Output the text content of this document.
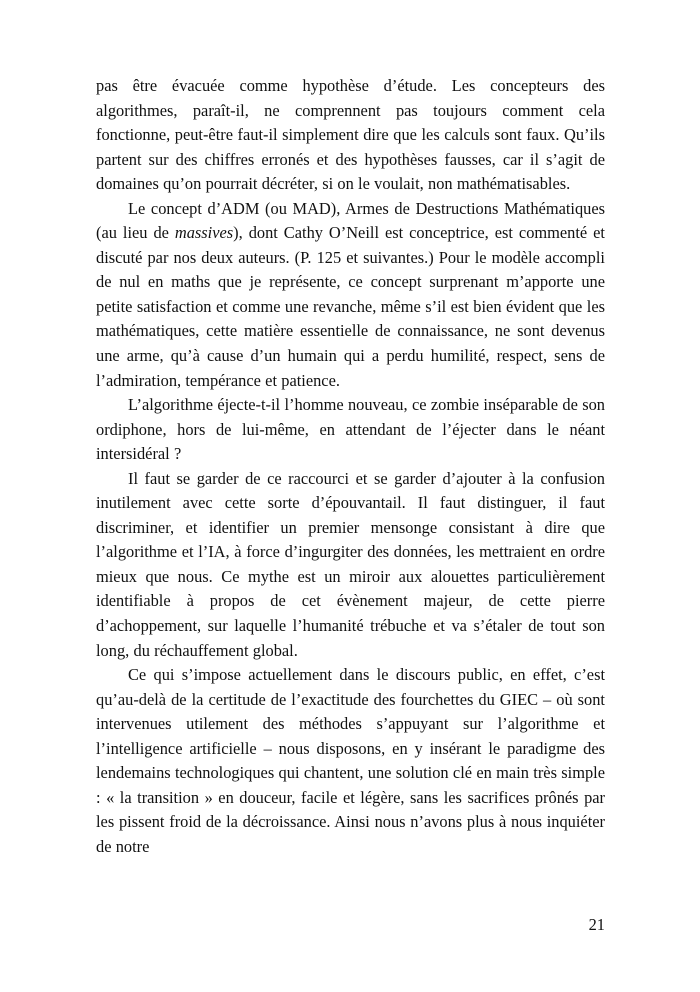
pas être évacuée comme hypothèse d’étude. Les concepteurs des algorithmes, paraît-il, ne comprennent pas toujours comment cela fonctionne, peut-être faut-il simplement dire que les calculs sont faux. Qu’ils partent sur des chiffres erronés et des hypothèses fausses, car il s’agit de domaines qu’on pourrait décréter, si on le voulait, non mathématisables.

Le concept d’ADM (ou MAD), Armes de Destructions Mathématiques (au lieu de massives), dont Cathy O’Neill est conceptrice, est commenté et discuté par nos deux auteurs. (P. 125 et suivantes.) Pour le modèle accompli de nul en maths que je représente, ce concept surprenant m’apporte une petite satisfaction et comme une revanche, même s’il est bien évident que les mathématiques, cette matière essentielle de connaissance, ne sont devenus une arme, qu’à cause d’un humain qui a perdu humilité, respect, sens de l’admiration, tempérance et patience.

L’algorithme éjecte-t-il l’homme nouveau, ce zombie inséparable de son ordiphone, hors de lui-même, en attendant de l’éjecter dans le néant intersidéral ?

Il faut se garder de ce raccourci et se garder d’ajouter à la confusion inutilement avec cette sorte d’épouvantail. Il faut distinguer, il faut discriminer, et identifier un premier mensonge consistant à dire que l’algorithme et l’IA, à force d’ingurgiter des données, les mettraient en ordre mieux que nous. Ce mythe est un miroir aux alouettes particulièrement identifiable à propos de cet évènement majeur, de cette pierre d’achoppement, sur laquelle l’humanité trébuche et va s’étaler de tout son long, du réchauffement global.

Ce qui s’impose actuellement dans le discours public, en effet, c’est qu’au-delà de la certitude de l’exactitude des fourchettes du GIEC – où sont intervenues utilement des méthodes s’appuyant sur l’algorithme et l’intelligence artificielle – nous disposons, en y insérant le paradigme des lendemains technologiques qui chantent, une solution clé en main très simple : « la transition » en douceur, facile et légère, sans les sacrifices prônés par les pissent froid de la décroissance. Ainsi nous n’avons plus à nous inquiéter de notre

21
